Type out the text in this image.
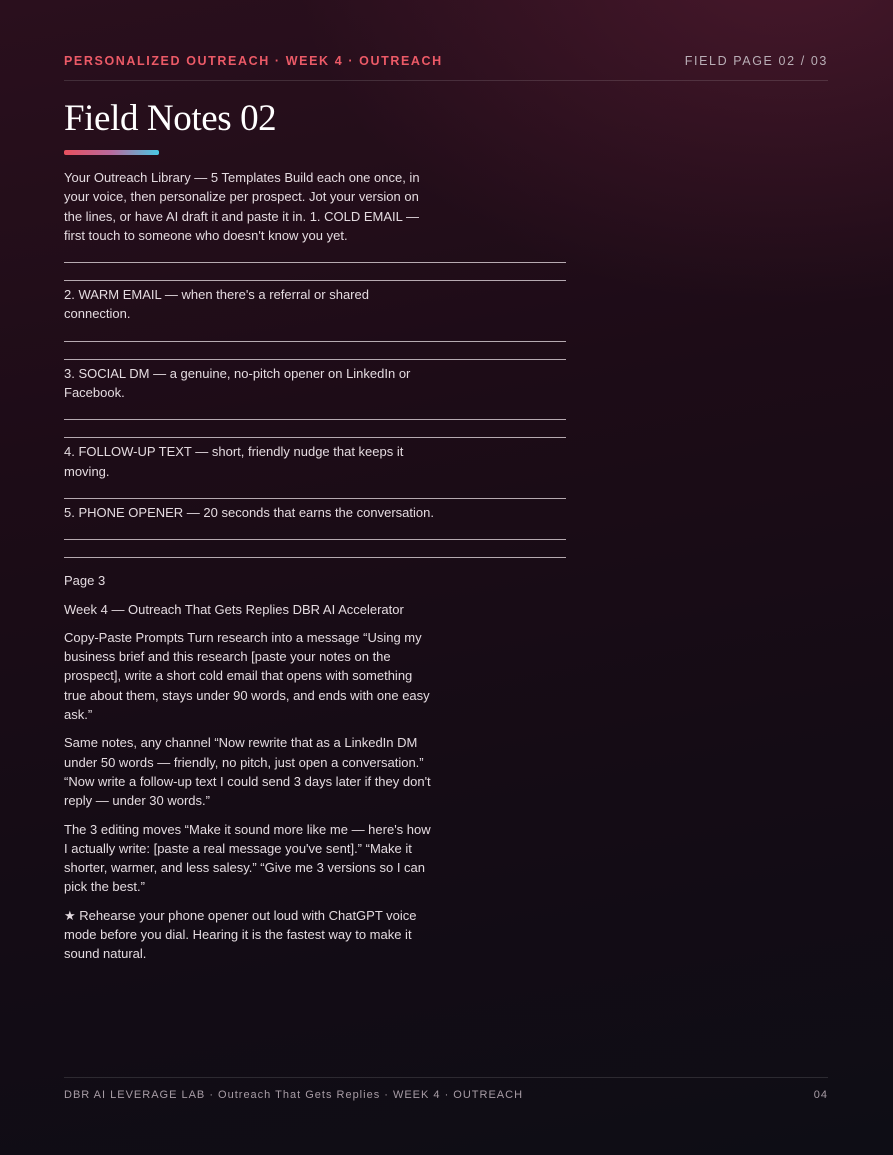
PERSONALIZED OUTREACH · WEEK 4 · OUTREACH	FIELD PAGE 02 / 03
Field Notes 02

Your Outreach Library — 5 Templates Build each one once, in your voice, then personalize per prospect. Jot your version on the lines, or have AI draft it and paste it in. 1. COLD EMAIL — first touch to someone who doesn't know you yet.

2. WARM EMAIL — when there's a referral or shared connection.

3. SOCIAL DM — a genuine, no-pitch opener on LinkedIn or Facebook.

4. FOLLOW-UP TEXT — short, friendly nudge that keeps it moving.

5. PHONE OPENER — 20 seconds that earns the conversation.

Page 3

Week 4 — Outreach That Gets Replies DBR AI Accelerator

Copy-Paste Prompts Turn research into a message “Using my business brief and this research [paste your notes on the prospect], write a short cold email that opens with something true about them, stays under 90 words, and ends with one easy ask.”

Same notes, any channel “Now rewrite that as a LinkedIn DM under 50 words — friendly, no pitch, just open a conversation.” “Now write a follow-up text I could send 3 days later if they don't reply — under 30 words.”

The 3 editing moves “Make it sound more like me — here's how I actually write: [paste a real message you've sent].” “Make it shorter, warmer, and less salesy.” “Give me 3 versions so I can pick the best.”

★ Rehearse your phone opener out loud with ChatGPT voice mode before you dial. Hearing it is the fastest way to make it sound natural.

DBR AI LEVERAGE LAB · Outreach That Gets Replies · WEEK 4 · OUTREACH	04
